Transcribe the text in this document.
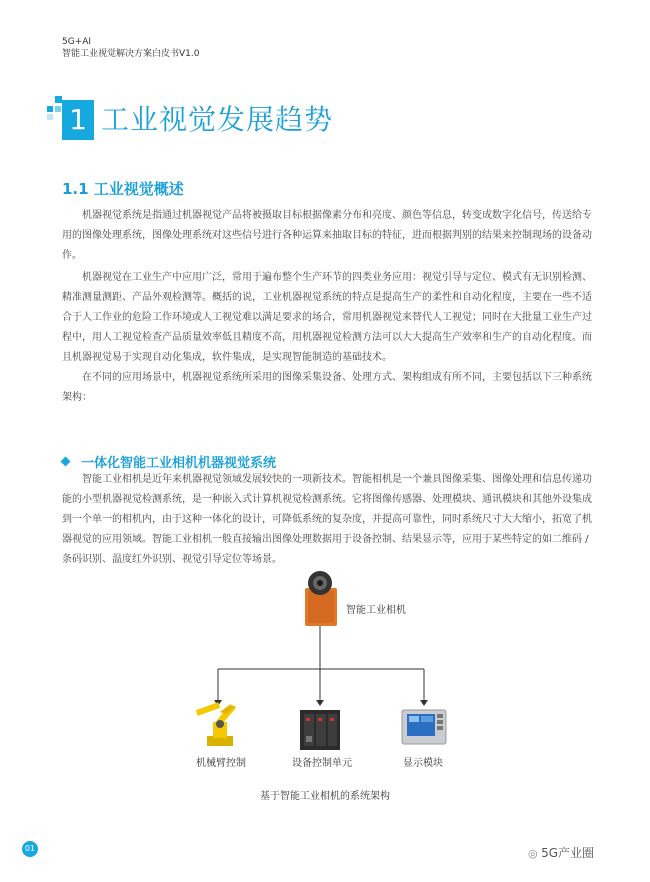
5G+AI
智能工业视觉解决方案白皮书V1.0
1 工业视觉发展趋势
1.1 工业视觉概述

机器视觉系统是指通过机器视觉产品将被摄取目标根据像素分布和亮度、颜色等信息，转变成数字化信号，传送给专用的图像处理系统，图像处理系统对这些信号进行各种运算来抽取目标的特征，进而根据判别的结果来控制现场的设备动作。

机器视觉在工业生产中应用广泛，常用于遍布整个生产环节的四类业务应用：视觉引导与定位、模式有无识别检测、精准测量测距、产品外观检测等。概括的说，工业机器视觉系统的特点是提高生产的柔性和自动化程度，主要在一些不适合于人工作业的危险工作环境或人工视觉难以满足要求的场合，常用机器视觉来替代人工视觉；同时在大批量工业生产过程中，用人工视觉检查产品质量效率低且精度不高，用机器视觉检测方法可以大大提高生产效率和生产的自动化程度。而且机器视觉易于实现自动化集成，软件集成，是实现智能制造的基础技术。

在不同的应用场景中，机器视觉系统所采用的图像采集设备、处理方式、架构组成有所不同，主要包括以下三种系统架构：

一体化智能工业相机机器视觉系统

智能工业相机是近年来机器视觉领域发展较快的一项新技术。智能相机是一个兼具图像采集、图像处理和信息传递功能的小型机器视觉检测系统，是一种嵌入式计算机视觉检测系统。它将图像传感器、处理模块、通讯模块和其他外设集成到一个单一的相机内，由于这种一体化的设计，可降低系统的复杂度，并提高可靠性，同时系统尺寸大大缩小，拓宽了机器视觉的应用领域。智能工业相机一般直接输出图像处理数据用于设备控制、结果显示等，应用于某些特定的如二维码 / 条码识别、温度红外识别、视觉引导定位等场景。

智能工业相机
机械臂控制	设备控制单元	显示模块
基于智能工业相机的系统架构
01	◎ 5G产业圈
